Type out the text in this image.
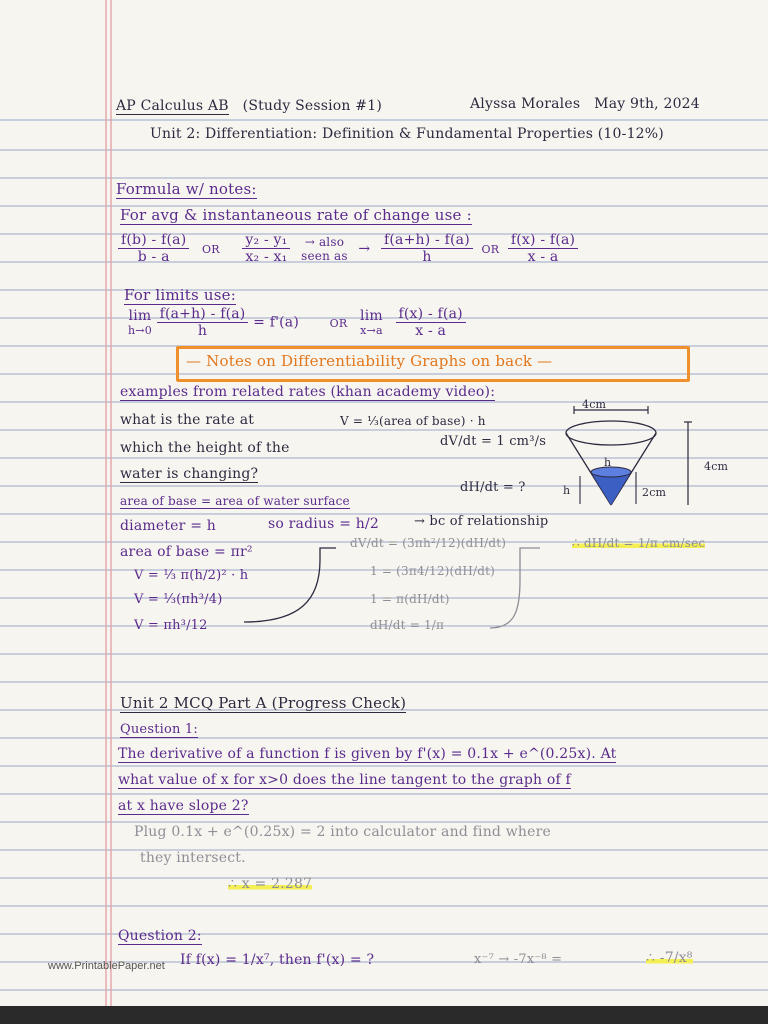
AP Calculus AB (Study Session #1)	Alyssa Morales May 9th, 2024
Unit 2: Differentiation: Definition & Fundamental Properties (10-12%)
Formula w/ notes:
For avg & instantaneous rate of change use :
$\frac{f(b) - f(a)}{b - a}$ OR $\frac{\text{y₂ - y₁}}{\text{x₂ - x₁}}$
→ also
seen as → $\frac{f(a+h) - f(a)}{h}$ OR $\frac{f(x) - f(a)}{x - a}$
For limits use:
lim
h→0
$\frac{f(a+h) - f(a)}{h} = f'(a)$	OR lim
x→a
$\frac{f(x) - f(a)}{x - a}$
— Notes on Differentiability Graphs on back —
examples from related rates (khan academy video):
what is the rate at
which the height of the
water is changing?
V = ⅓(area of base) · h
dV/dt = 1 cm³/s
dH/dt = ?
area of base = area of water surface
diameter = h	so radius = h/2	→ bc of relationship
area of base = πr²
V = ⅓ π(h/2)² · h
V = ⅓(πh³/4)
V = πh³/12
dV/dt = (3πh²/12)(dH/dt)
1 = (3π4/12)(dH/dt)
1 = π(dH/dt)
dH/dt = 1/π
∴ dH/dt = 1/π cm/sec
4cm
4cm
h
h	2cm
Unit 2 MCQ Part A (Progress Check)
Question 1:
The derivative of a function f is given by f'(x) = 0.1x + e^(0.25x). At
what value of x for x>0 does the line tangent to the graph of f
at x have slope 2?
Plug 0.1x + e^(0.25x) = 2 into calculator and find where
they intersect.
∴ x = 2.287
Question 2:
If f(x) = 1/x⁷, then f'(x) = ?	x⁻⁷ → -7x⁻⁸ =	∴ -7/x⁸
www.PrintablePaper.net
